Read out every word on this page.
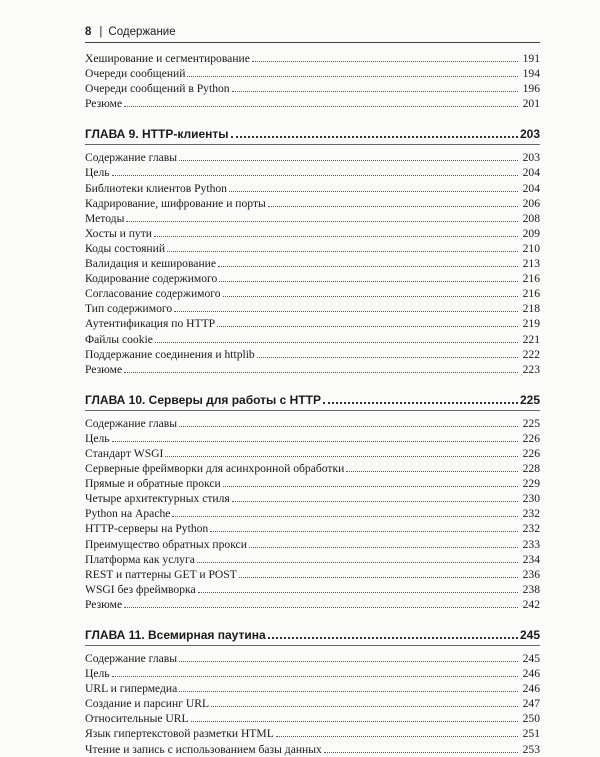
8 | Содержание
Хеширование и сегментирование	191
Очереди сообщений	194
Очереди сообщений в Python	196
Резюме	201
ГЛАВА 9. HTTP-клиенты	203
Содержание главы	203
Цель	204
Библиотеки клиентов Python	204
Кадрирование, шифрование и порты	206
Методы	208
Хосты и пути	209
Коды состояний	210
Валидация и кеширование	213
Кодирование содержимого	216
Согласование содержимого	216
Тип содержимого	218
Аутентификация по HTTP	219
Файлы cookie	221
Поддержание соединения и httplib	222
Резюме	223
ГЛАВА 10. Серверы для работы с HTTP	225
Содержание главы	225
Цель	226
Стандарт WSGI	226
Серверные фреймворки для асинхронной обработки	228
Прямые и обратные прокси	229
Четыре архитектурных стиля	230
Python на Apache	232
HTTP-серверы на Python	232
Преимущество обратных прокси	233
Платформа как услуга	234
REST и паттерны GET и POST	236
WSGI без фреймворка	238
Резюме	242
ГЛАВА 11. Всемирная паутина	245
Содержание главы	245
Цель	246
URL и гипермедиа	246
Создание и парсинг URL	247
Относительные URL	250
Язык гипертекстовой разметки HTML	251
Чтение и запись с использованием базы данных	253
